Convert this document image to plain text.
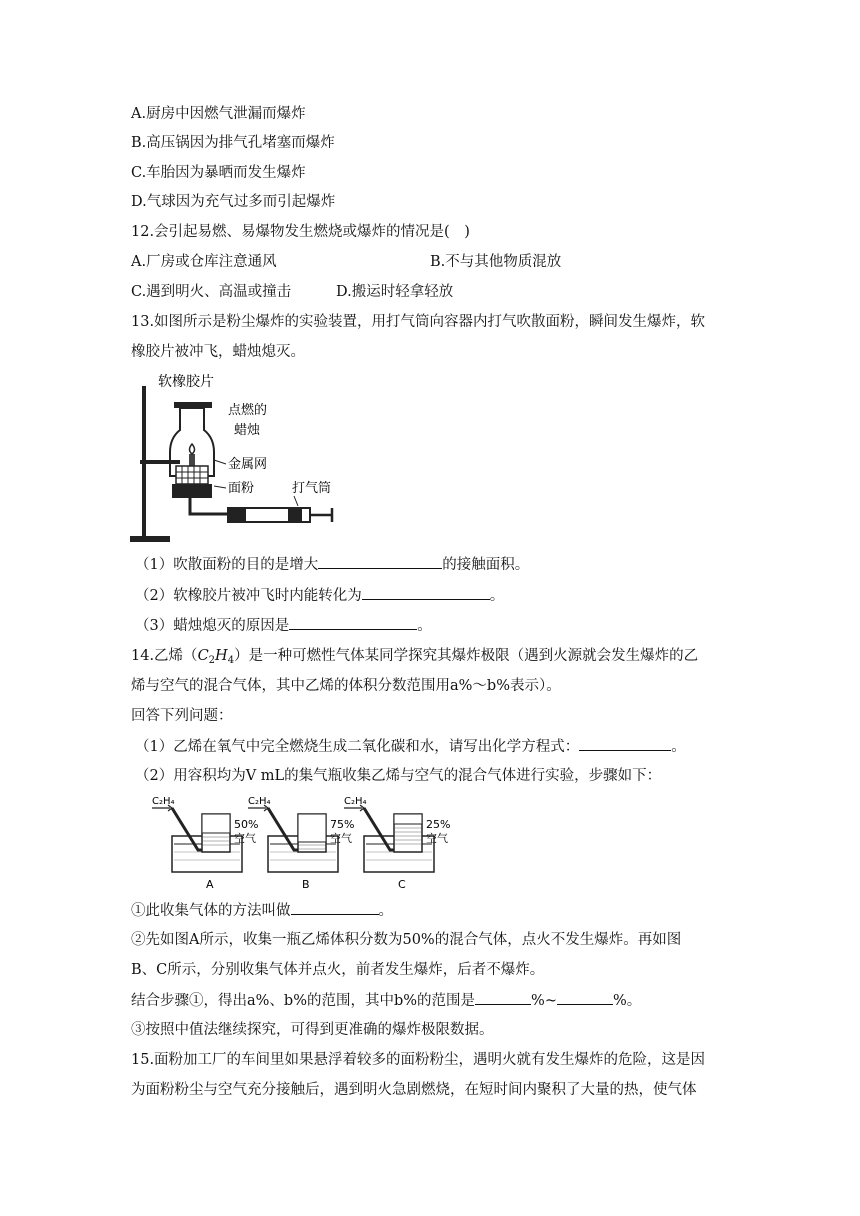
A.厨房中因燃气泄漏而爆炸
B.高压锅因为排气孔堵塞而爆炸
C.车胎因为暴晒而发生爆炸
D.气球因为充气过多而引起爆炸
12.会引起易燃、易爆物发生燃烧或爆炸的情况是(　)
A.厂房或仓库注意通风	B.不与其他物质混放
C.遇到明火、高温或撞击	D.搬运时轻拿轻放
13.如图所示是粉尘爆炸的实验装置，用打气筒向容器内打气吹散面粉，瞬间发生爆炸，软
橡胶片被冲飞，蜡烛熄灭。
软橡胶片
点燃的
蜡烛
金属网
面粉	打气筒
（1）吹散面粉的目的是增大	的接触面积。
（2）软橡胶片被冲飞时内能转化为	。
（3）蜡烛熄灭的原因是	。
14.乙烯$(C_2H_4)$是一种可燃性气体某同学探究其爆炸极限（遇到火源就会发生爆炸的乙
烯与空气的混合气体，其中乙烯的体积分数范围用a%～b%表示）。
回答下列问题：
（1）乙烯在氧气中完全燃烧生成二氧化碳和水，请写出化学方程式：	。
（2）用容积均为V mL的集气瓶收集乙烯与空气的混合气体进行实验，步骤如下：
C₂H₄
50%
空气
A
C₂H₄
75%
空气
B
C₂H₄
25%
空气
C
①此收集气体的方法叫做	。
②先如图A所示，收集一瓶乙烯体积分数为50%的混合气体，点火不发生爆炸。再如图
B、C所示，分别收集气体并点火，前者发生爆炸，后者不爆炸。
结合步骤①，得出a%、b%的范围，其中b%的范围是	%~	%。
③按照中值法继续探究，可得到更准确的爆炸极限数据。
15.面粉加工厂的车间里如果悬浮着较多的面粉粉尘，遇明火就有发生爆炸的危险，这是因
为面粉粉尘与空气充分接触后，遇到明火急剧燃烧，在短时间内聚积了大量的热，使气体
